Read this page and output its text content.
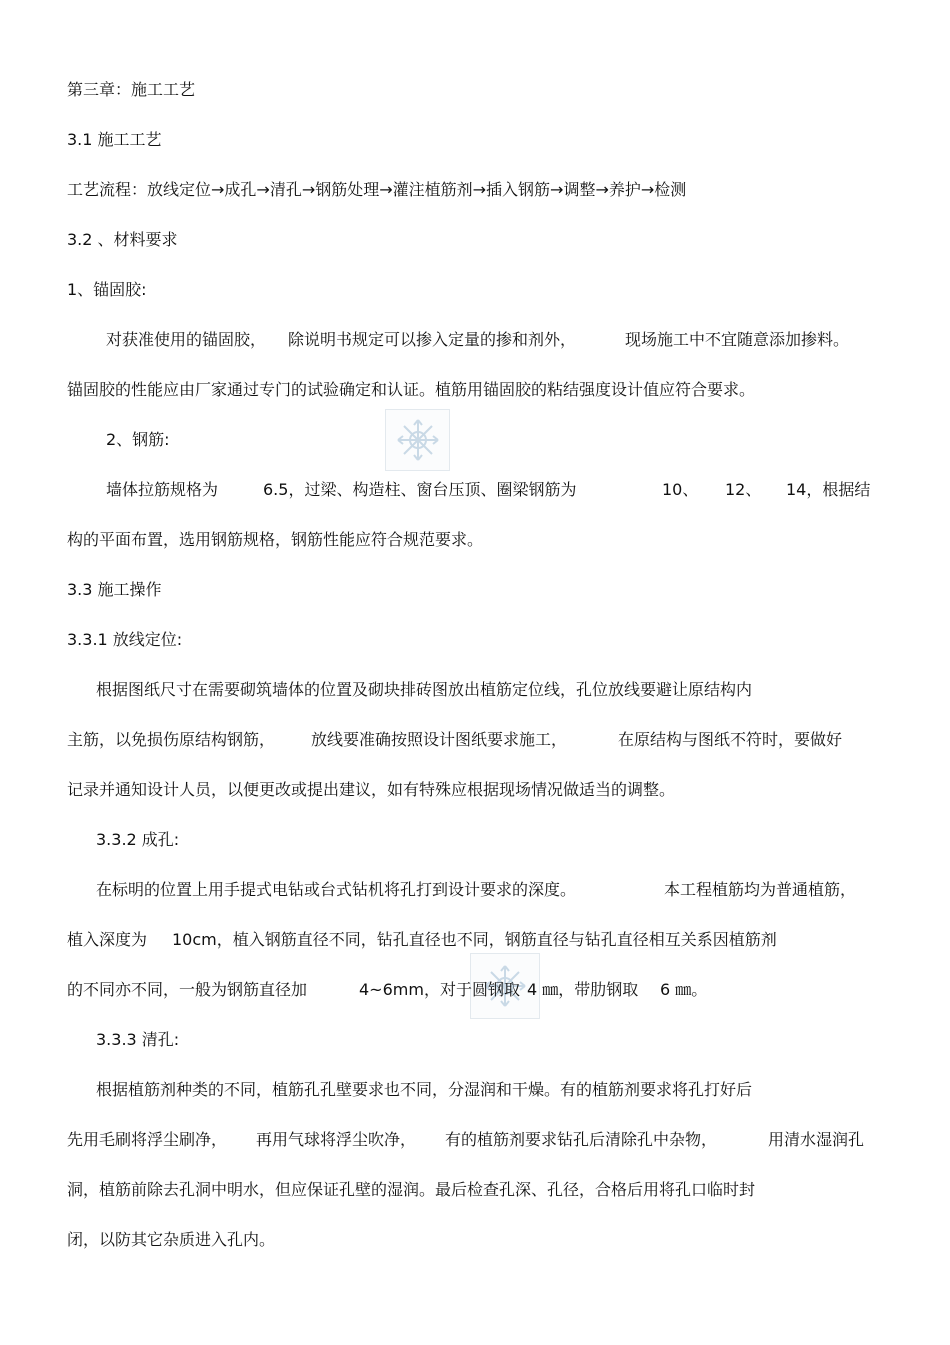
第三章：施工工艺
3.1 施工工艺
工艺流程：放线定位→成孔→清孔→钢筋处理→灌注植筋剂→插入钢筋→调整→养护→检测
3.2 、材料要求
1、锚固胶:
对获准使用的锚固胶， 除说明书规定可以掺入定量的掺和剂外，	现场施工中不宜随意添加掺料。
锚固胶的性能应由厂家通过专门的试验确定和认证。植筋用锚固胶的粘结强度设计值应符合要求。
2、钢筋:
墙体拉筋规格为	6.5，过梁、构造柱、窗台压顶、圈梁钢筋为	10、 12、 14，根据结
构的平面布置，选用钢筋规格，钢筋性能应符合规范要求。
3.3 施工操作
3.3.1 放线定位:
根据图纸尺寸在需要砌筑墙体的位置及砌块排砖图放出植筋定位线，孔位放线要避让原结构内
主筋，以免损伤原结构钢筋， 放线要准确按照设计图纸要求施工，	在原结构与图纸不符时，要做好
记录并通知设计人员，以便更改或提出建议，如有特殊应根据现场情况做适当的调整。
3.3.2 成孔:
在标明的位置上用手提式电钻或台式钻机将孔打到设计要求的深度。	本工程植筋均为普通植筋，
植入深度为 10cm，植入钢筋直径不同，钻孔直径也不同，钢筋直径与钻孔直径相互关系因植筋剂
的不同亦不同，一般为钢筋直径加	4~6mm，对于圆钢取 4 ㎜，带肋钢取 6 ㎜。
3.3.3 清孔:
根据植筋剂种类的不同，植筋孔孔壁要求也不同，分湿润和干燥。有的植筋剂要求将孔打好后
先用毛刷将浮尘刷净， 再用气球将浮尘吹净， 有的植筋剂要求钻孔后清除孔中杂物，	用清水湿润孔
洞，植筋前除去孔洞中明水，但应保证孔壁的湿润。最后检查孔深、孔径，合格后用将孔口临时封
闭，以防其它杂质进入孔内。
